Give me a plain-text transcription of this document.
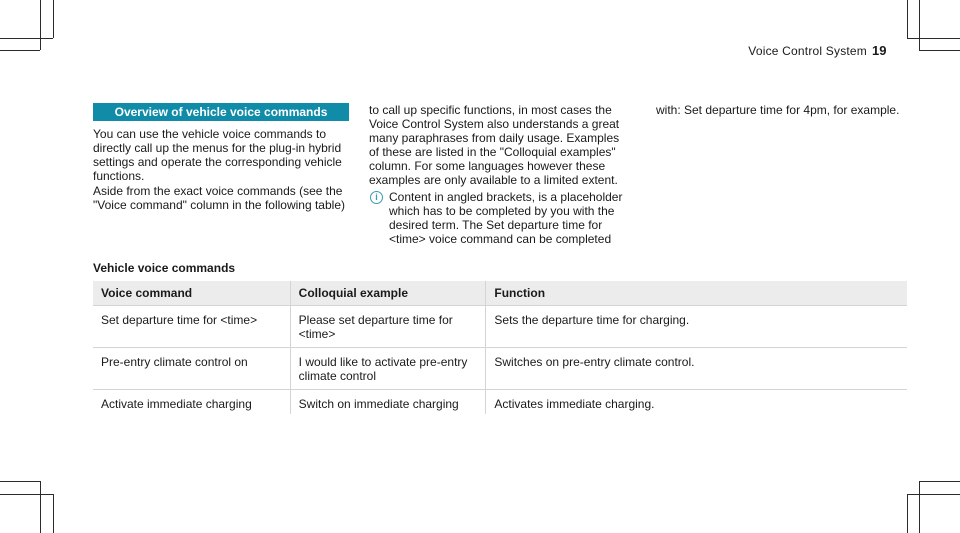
Voice Control System 19
Overview of vehicle voice commands

You can use the vehicle voice commands to directly call up the menus for the plug-in hybrid settings and operate the corresponding vehicle functions.

Aside from the exact voice commands (see the "Voice command" column in the following table)

to call up specific functions, in most cases the Voice Control System also understands a great many paraphrases from daily usage. Examples of these are listed in the "Colloquial examples" column. For some languages however these examples are only available to a limited extent.

i Content in angled brackets, is a placeholder which has to be completed by you with the desired term. The Set departure time for <time> voice command can be completed

with: Set departure time for 4pm, for example.

Vehicle voice commands
Voice command	Colloquial example	Function
Set departure time for <time>	Please set departure time for <time>	Sets the departure time for charging.
Pre-entry climate control on	I would like to activate pre-entry climate control	Switches on pre-entry climate control.
Activate immediate charging	Switch on immediate charging	Activates immediate charging.
